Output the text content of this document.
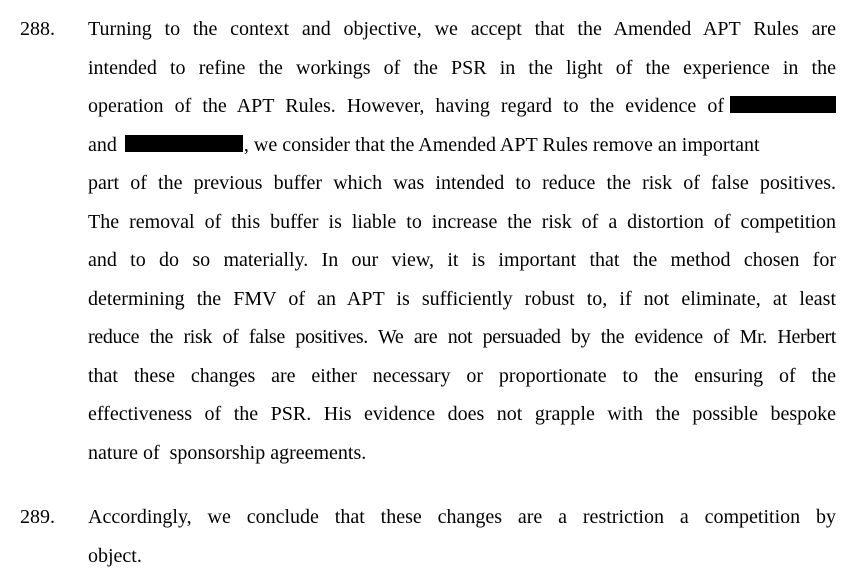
288. Turning to the context and objective, we accept that the Amended APT Rules are
intended to refine the workings of the PSR in the light of the experience in the
operation of the APT Rules. However, having regard to the evidence of
and	, we consider that the Amended APT Rules remove an important
part of the previous buffer which was intended to reduce the risk of false positives.
The removal of this buffer is liable to increase the risk of a distortion of competition
and to do so materially. In our view, it is important that the method chosen for
determining the FMV of an APT is sufficiently robust to, if not eliminate, at least
reduce the risk of false positives. We are not persuaded by the evidence of Mr. Herbert
that these changes are either necessary or proportionate to the ensuring of the
effectiveness of the PSR. His evidence does not grapple with the possible bespoke
nature of  sponsorship agreements.
289. Accordingly, we conclude that these changes are a restriction a competition by
object.
